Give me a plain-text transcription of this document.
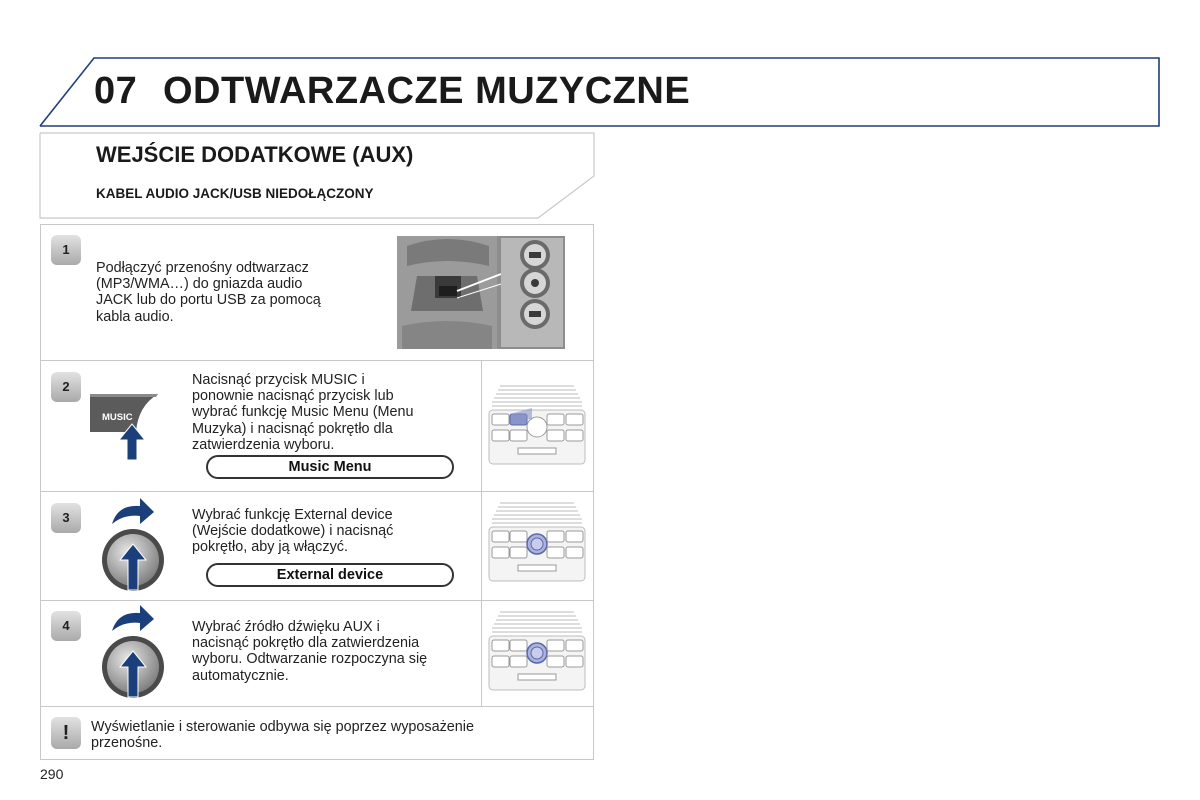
07 ODTWARZACZE MUZYCZNE
WEJŚCIE DODATKOWE (AUX)
KABEL AUDIO JACK/USB NIEDOŁĄCZONY
1
Podłączyć przenośny odtwarzacz
(MP3/WMA…) do gniazda audio
JACK lub do portu USB za pomocą
kabla audio.
2
MUSIC
Nacisnąć przycisk MUSIC i
ponownie nacisnąć przycisk lub
wybrać funkcję Music Menu (Menu
Muzyka) i nacisnąć pokrętło dla
zatwierdzenia wyboru.
Music Menu
3	Wybrać funkcję External device
(Wejście dodatkowe) i nacisnąć
pokrętło, aby ją włączyć.
External device
4	Wybrać źródło dźwięku AUX i
nacisnąć pokrętło dla zatwierdzenia
wyboru. Odtwarzanie rozpoczyna się
automatycznie.
!	Wyświetlanie i sterowanie odbywa się poprzez wyposażenie
przenośne.
290
